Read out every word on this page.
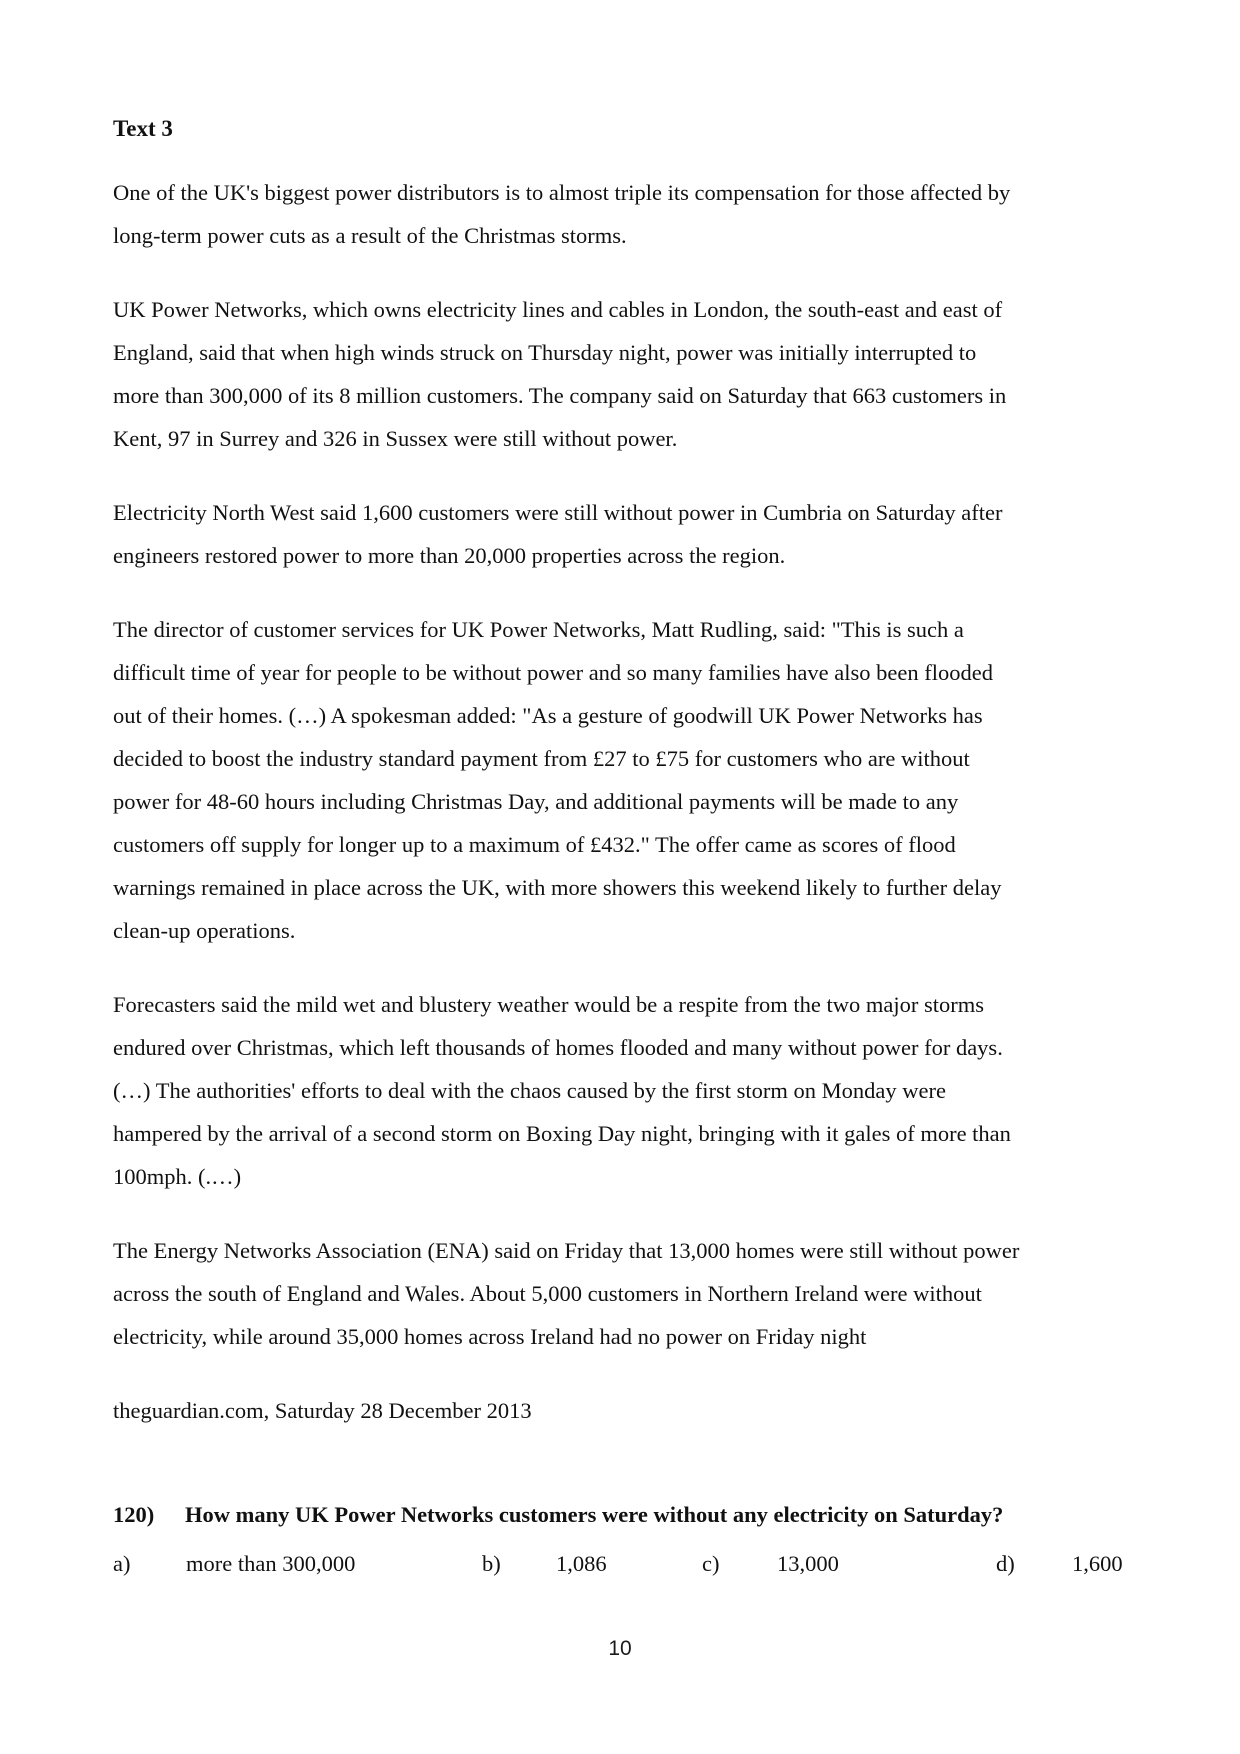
Text 3

One of the UK's biggest power distributors is to almost triple its compensation for those affected by
long-term power cuts as a result of the Christmas storms.

UK Power Networks, which owns electricity lines and cables in London, the south-east and east of
England, said that when high winds struck on Thursday night, power was initially interrupted to
more than 300,000 of its 8 million customers. The company said on Saturday that 663 customers in
Kent, 97 in Surrey and 326 in Sussex were still without power.

Electricity North West said 1,600 customers were still without power in Cumbria on Saturday after
engineers restored power to more than 20,000 properties across the region.

The director of customer services for UK Power Networks, Matt Rudling, said: "This is such a
difficult time of year for people to be without power and so many families have also been flooded
out of their homes. (…) A spokesman added: "As a gesture of goodwill UK Power Networks has
decided to boost the industry standard payment from £27 to £75 for customers who are without
power for 48-60 hours including Christmas Day, and additional payments will be made to any
customers off supply for longer up to a maximum of £432." The offer came as scores of flood
warnings remained in place across the UK, with more showers this weekend likely to further delay
clean-up operations.

Forecasters said the mild wet and blustery weather would be a respite from the two major storms
endured over Christmas, which left thousands of homes flooded and many without power for days.
(…) The authorities' efforts to deal with the chaos caused by the first storm on Monday were
hampered by the arrival of a second storm on Boxing Day night, bringing with it gales of more than
100mph. (.…)

The Energy Networks Association (ENA) said on Friday that 13,000 homes were still without power
across the south of England and Wales. About 5,000 customers in Northern Ireland were without
electricity, while around 35,000 homes across Ireland had no power on Friday night

theguardian.com, Saturday 28 December 2013

120) How many UK Power Networks customers were without any electricity on Saturday?
a) more than 300,000	b) 1,086	c)	13,000	d)	1,600
10
